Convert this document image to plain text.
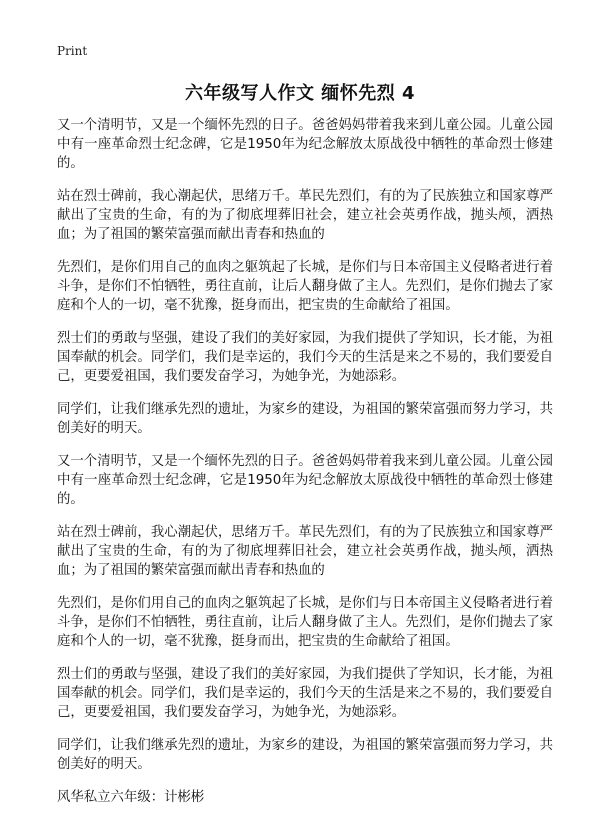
Print
六年级写人作文 缅怀先烈 4

又一个清明节，又是一个缅怀先烈的日子。爸爸妈妈带着我来到儿童公园。儿童公园中有一座革命烈士纪念碑，它是1950年为纪念解放太原战役中牺牲的革命烈士修建的。

站在烈士碑前，我心潮起伏，思绪万千。革民先烈们，有的为了民族独立和国家尊严献出了宝贵的生命，有的为了彻底埋葬旧社会，建立社会英勇作战，抛头颅，洒热血；为了祖国的繁荣富强而献出青春和热血的

先烈们，是你们用自己的血肉之躯筑起了长城，是你们与日本帝国主义侵略者进行着斗争，是你们不怕牺牲，勇往直前，让后人翻身做了主人。先烈们，是你们抛去了家庭和个人的一切，毫不犹豫，挺身而出，把宝贵的生命献给了祖国。

烈士们的勇敢与坚强，建设了我们的美好家园，为我们提供了学知识，长才能，为祖国奉献的机会。同学们，我们是幸运的，我们今天的生活是来之不易的，我们要爱自己，更要爱祖国，我们要发奋学习，为她争光，为她添彩。

同学们，让我们继承先烈的遗址，为家乡的建设，为祖国的繁荣富强而努力学习，共创美好的明天。

又一个清明节，又是一个缅怀先烈的日子。爸爸妈妈带着我来到儿童公园。儿童公园中有一座革命烈士纪念碑，它是1950年为纪念解放太原战役中牺牲的革命烈士修建的。

站在烈士碑前，我心潮起伏，思绪万千。革民先烈们，有的为了民族独立和国家尊严献出了宝贵的生命，有的为了彻底埋葬旧社会，建立社会英勇作战，抛头颅，洒热血；为了祖国的繁荣富强而献出青春和热血的

先烈们，是你们用自己的血肉之躯筑起了长城，是你们与日本帝国主义侵略者进行着斗争，是你们不怕牺牲，勇往直前，让后人翻身做了主人。先烈们，是你们抛去了家庭和个人的一切，毫不犹豫，挺身而出，把宝贵的生命献给了祖国。

烈士们的勇敢与坚强，建设了我们的美好家园，为我们提供了学知识，长才能，为祖国奉献的机会。同学们，我们是幸运的，我们今天的生活是来之不易的，我们要爱自己，更要爱祖国，我们要发奋学习，为她争光，为她添彩。

同学们，让我们继承先烈的遗址，为家乡的建设，为祖国的繁荣富强而努力学习，共创美好的明天。

风华私立六年级：计彬彬
